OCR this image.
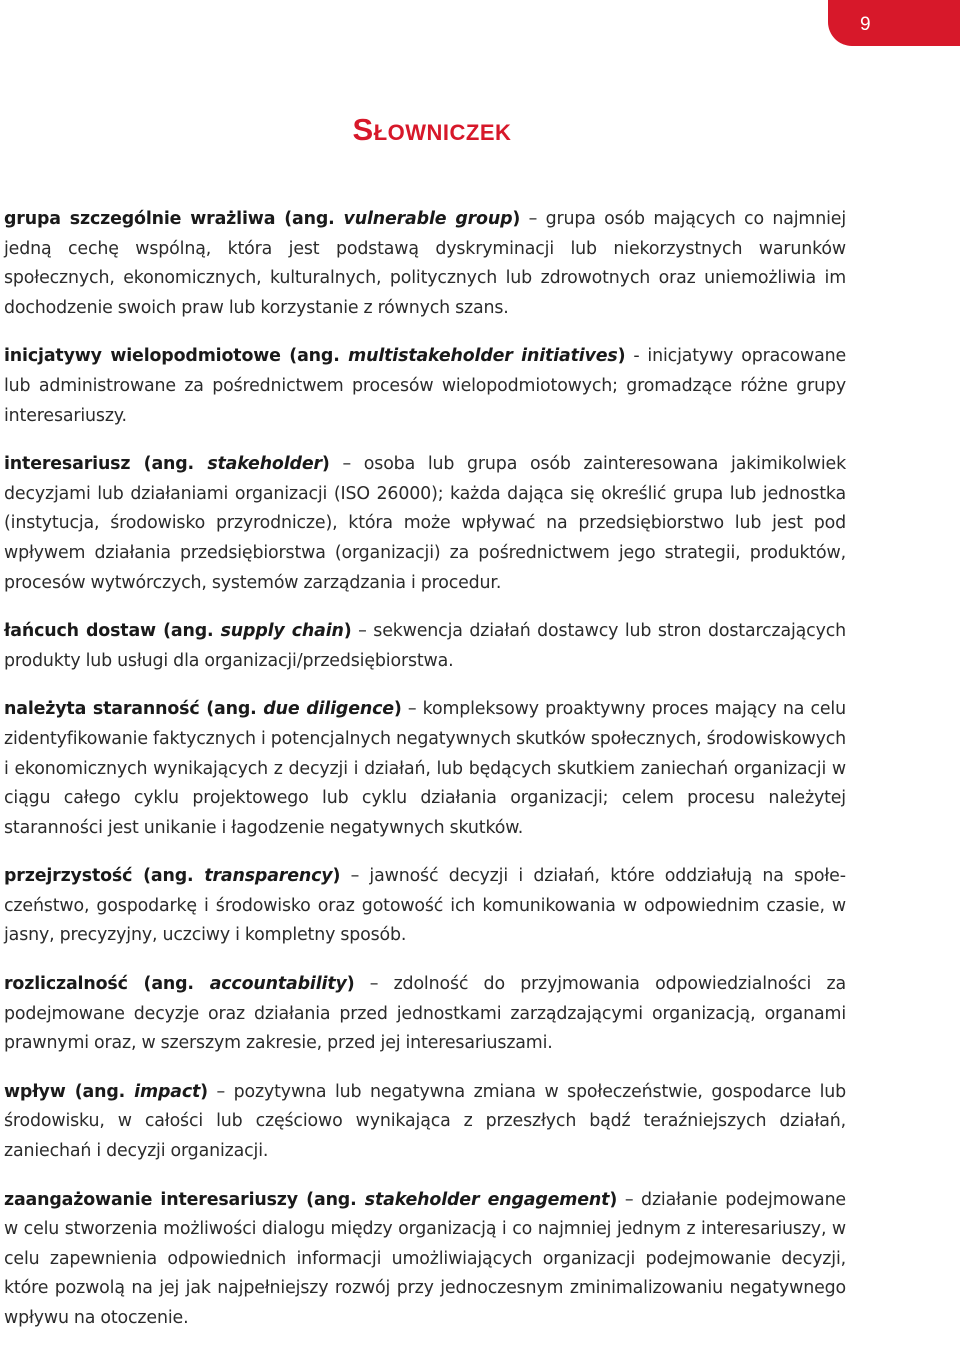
9
Słowniczek

grupa szczególnie wrażliwa (ang. vulnerable group) – grupa osób mających co najmniej jedną cechę wspólną, która jest podstawą dyskryminacji lub niekorzystnych warunków społecznych, ekonomicznych, kulturalnych, politycznych lub zdrowotnych oraz uniemożliwia im dochodzenie swoich praw lub korzystanie z równych szans.

inicjatywy wielopodmiotowe (ang. multistakeholder initiatives) - inicjatywy opracowane lub administrowane za pośrednictwem procesów wielopodmiotowych; gromadzące różne grupy interesariuszy.

interesariusz (ang. stakeholder) – osoba lub grupa osób zainteresowana jakimikolwiek decyzjami lub działaniami organizacji (ISO 26000); każda dająca się określić grupa lub jednostka (instytucja, środowisko przyrodnicze), która może wpływać na przedsiębiorstwo lub jest pod wpływem działania przedsiębiorstwa (organizacji) za pośrednictwem jego strategii, produktów, procesów wytwórczych, systemów zarządzania i procedur.

łańcuch dostaw (ang. supply chain) – sekwencja działań dostawcy lub stron dostarczających produkty lub usługi dla organizacji/przedsiębiorstwa.

należyta staranność (ang. due diligence) – kompleksowy proaktywny proces mający na celu zidentyfikowanie faktycznych i potencjalnych negatywnych skutków społecznych, środowiskowych i ekonomicznych wynikających z decyzji i działań, lub będących skutkiem zaniechań organizacji w ciągu całego cyklu projektowego lub cyklu działania organizacji; celem procesu należytej staranności jest unikanie i łagodzenie negatywnych skutków.

przejrzystość (ang. transparency) – jawność decyzji i działań, które oddziałują na społeczeństwo, gospodarkę i środowisko oraz gotowość ich komunikowania w odpowiednim czasie, w jasny, precyzyjny, uczciwy i kompletny sposób.

rozliczalność (ang. accountability) – zdolność do przyjmowania odpowiedzialności za podejmowane decyzje oraz działania przed jednostkami zarządzającymi organizacją, organami prawnymi oraz, w szerszym zakresie, przed jej interesariuszami.

wpływ (ang. impact) – pozytywna lub negatywna zmiana w społeczeństwie, gospodarce lub środowisku, w całości lub częściowo wynikająca z przeszłych bądź teraźniejszych działań, zaniechań i decyzji organizacji.

zaangażowanie interesariuszy (ang. stakeholder engagement) – działanie podejmowane w celu stworzenia możliwości dialogu między organizacją i co najmniej jednym z interesariuszy, w celu zapewnienia odpowiednich informacji umożliwiających organizacji podejmowanie decyzji, które pozwolą na jej jak najpełniejszy rozwój przy jednoczesnym zminimalizowaniu negatywnego wpływu na otoczenie.
